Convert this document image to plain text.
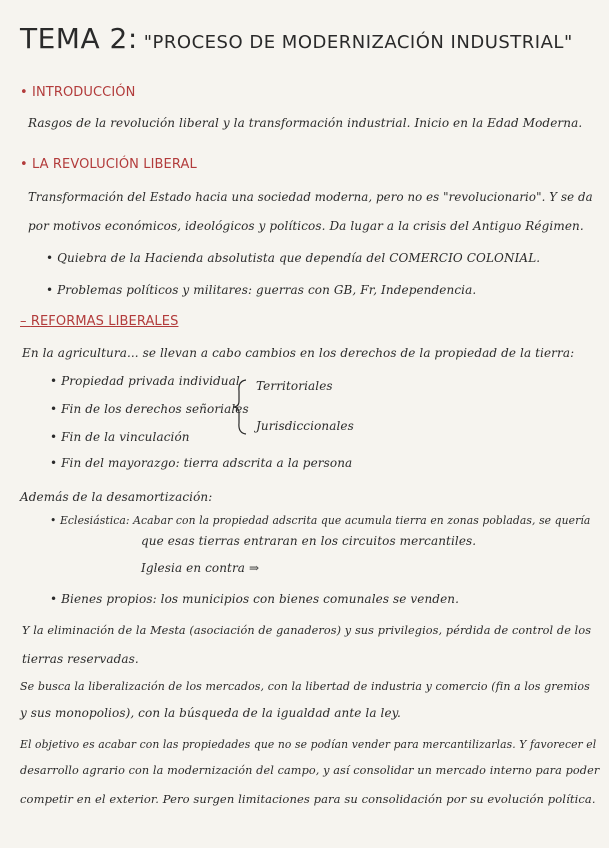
TEMA 2: "PROCESO DE MODERNIZACIÓN INDUSTRIAL"
• INTRODUCCIÓN
Rasgos de la revolución liberal y la transformación industrial. Inicio en la Edad Moderna.
• LA REVOLUCIÓN LIBERAL
Transformación del Estado hacia una sociedad moderna, pero no es "revolucionario". Y se da
por motivos económicos, ideológicos y políticos. Da lugar a la crisis del Antiguo Régimen.
• Quiebra de la Hacienda absolutista que dependía del COMERCIO COLONIAL.
• Problemas políticos y militares: guerras con GB, Fr, Independencia.
– REFORMAS LIBERALES
En la agricultura... se llevan a cabo cambios en los derechos de la propiedad de la tierra:
• Propiedad privada individual
• Fin de los derechos señoriales
• Fin de la vinculación
• Fin del mayorazgo: tierra adscrita a la persona
Territoriales
Jurisdiccionales
Además de la desamortización:
• Eclesiástica: Acabar con la propiedad adscrita que acumula tierra en zonas pobladas, se quería
que esas tierras entraran en los circuitos mercantiles.
Iglesia en contra ⇒
• Bienes propios: los municipios con bienes comunales se venden.
Y la eliminación de la Mesta (asociación de ganaderos) y sus privilegios, pérdida de control de los
tierras reservadas.
Se busca la liberalización de los mercados, con la libertad de industria y comercio (fin a los gremios
y sus monopolios), con la búsqueda de la igualdad ante la ley.
El objetivo es acabar con las propiedades que no se podían vender para mercantilizarlas. Y favorecer el
desarrollo agrario con la modernización del campo, y así consolidar un mercado interno para poder
competir en el exterior. Pero surgen limitaciones para su consolidación por su evolución política.
